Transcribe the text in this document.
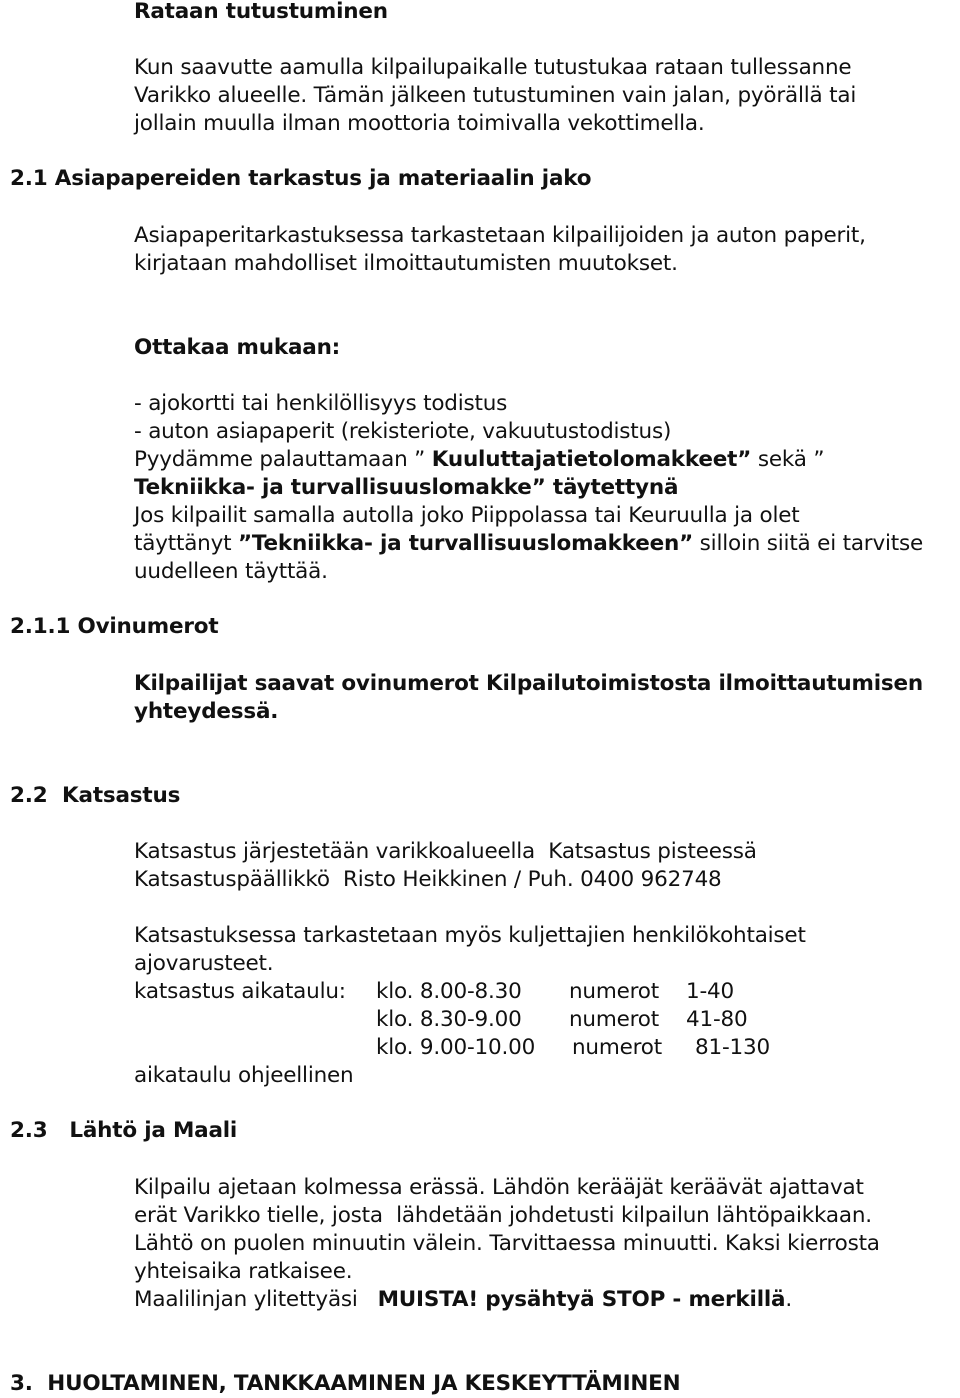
Rataan tutustuminen
Kun saavutte aamulla kilpailupaikalle tutustukaa rataan tullessanne
Varikko alueelle. Tämän jälkeen tutustuminen vain jalan, pyörällä tai
jollain muulla ilman moottoria toimivalla vekottimella.
2.1 Asiapapereiden tarkastus ja materiaalin jako
Asiapaperitarkastuksessa tarkastetaan kilpailijoiden ja auton paperit,
kirjataan mahdolliset ilmoittautumisten muutokset.
Ottakaa mukaan:
- ajokortti tai henkilöllisyys todistus
- auton asiapaperit (rekisteriote, vakuutustodistus)
Pyydämme palauttamaan ” Kuuluttajatietolomakkeet” sekä ”
Tekniikka- ja turvallisuuslomakke” täytettynä
Jos kilpailit samalla autolla joko Piippolassa tai Keuruulla ja olet
täyttänyt ”Tekniikka- ja turvallisuuslomakkeen” silloin siitä ei tarvitse
uudelleen täyttää.
2.1.1 Ovinumerot
Kilpailijat saavat ovinumerot Kilpailutoimistosta ilmoittautumisen
yhteydessä.
2.2  Katsastus
Katsastus järjestetään varikkoalueella  Katsastus pisteessä
Katsastuspäällikkö  Risto Heikkinen / Puh. 0400 962748
Katsastuksessa tarkastetaan myös kuljettajien henkilökohtaiset
ajovarusteet.
katsastus aikataulu:

klo. 8.00-8.30

numerot

1-40

klo. 8.30-9.00

numerot

41-80

klo. 9.00-10.00

numerot

81-130

aikataulu ohjeellinen
2.3   Lähtö ja Maali
Kilpailu ajetaan kolmessa erässä. Lähdön kerääjät keräävät ajattavat
erät Varikko tielle, josta  lähdetään johdetusti kilpailun lähtöpaikkaan.
Lähtö on puolen minuutin välein. Tarvittaessa minuutti. Kaksi kierrosta
yhteisaika ratkaisee.
Maalilinjan ylitettyäsi   MUISTA! pysähtyä STOP - merkillä.
3.  HUOLTAMINEN, TANKKAAMINEN JA KESKEYTTÄMINEN
